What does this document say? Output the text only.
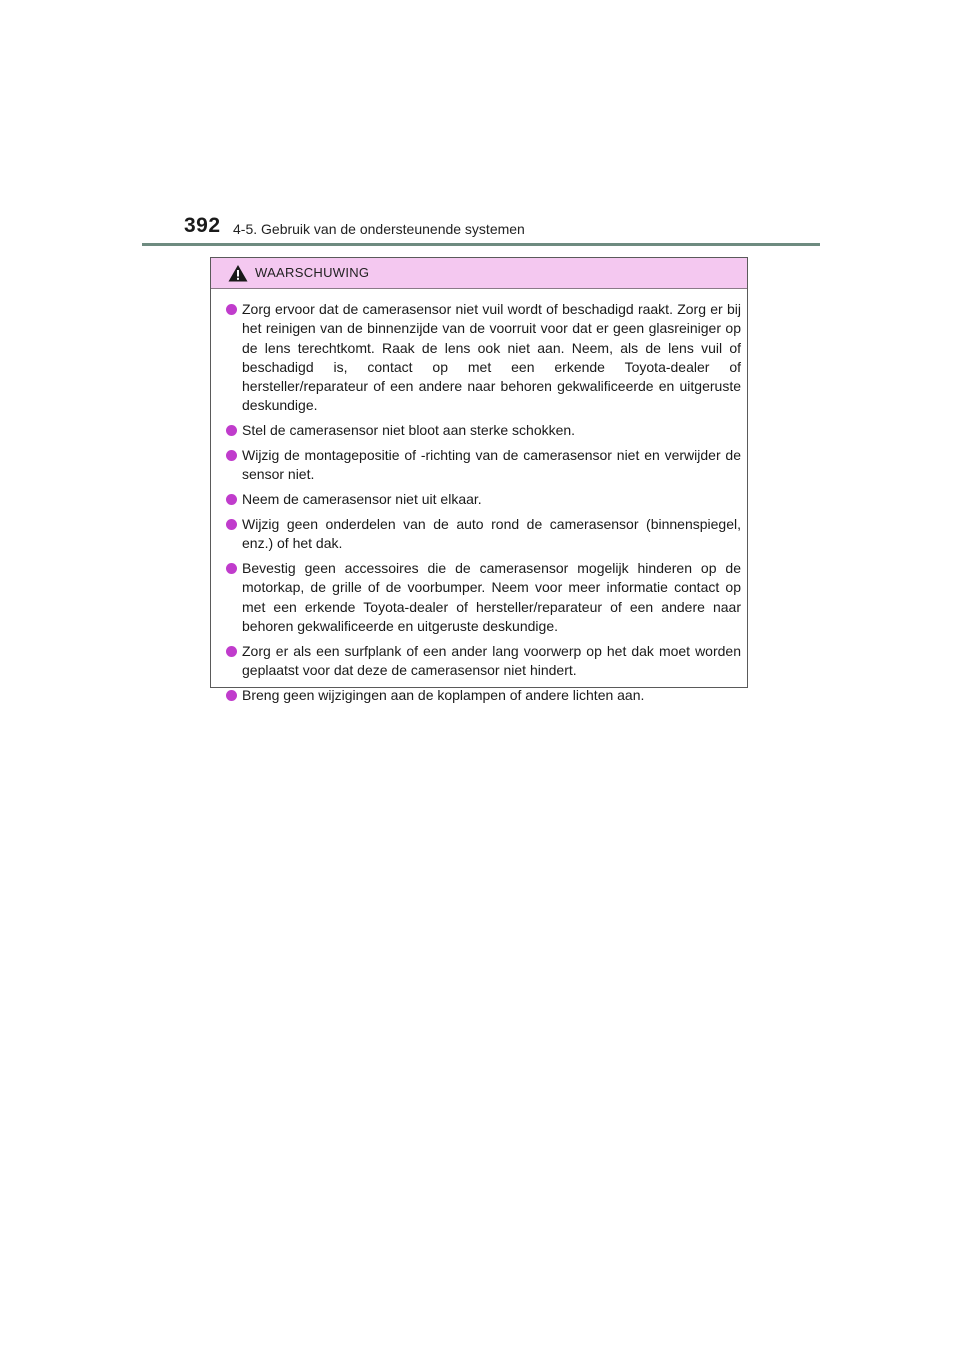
392 4-5. Gebruik van de ondersteunende systemen
WAARSCHUWING
Zorg ervoor dat de camerasensor niet vuil wordt of beschadigd raakt. Zorg er bij het reinigen van de binnenzijde van de voorruit voor dat er geen glasreiniger op de lens terechtkomt. Raak de lens ook niet aan. Neem, als de lens vuil of beschadigd is, contact op met een erkende Toyota-dealer of hersteller/reparateur of een andere naar behoren gekwalificeerde en uitgeruste deskundige.
Stel de camerasensor niet bloot aan sterke schokken.
Wijzig de montagepositie of -richting van de camerasensor niet en verwijder de sensor niet.
Neem de camerasensor niet uit elkaar.
Wijzig geen onderdelen van de auto rond de camerasensor (binnenspiegel, enz.) of het dak.
Bevestig geen accessoires die de camerasensor mogelijk hinderen op de motorkap, de grille of de voorbumper. Neem voor meer informatie contact op met een erkende Toyota-dealer of hersteller/reparateur of een andere naar behoren gekwalificeerde en uitgeruste deskundige.
Zorg er als een surfplank of een ander lang voorwerp op het dak moet worden geplaatst voor dat deze de camerasensor niet hindert.
Breng geen wijzigingen aan de koplampen of andere lichten aan.
